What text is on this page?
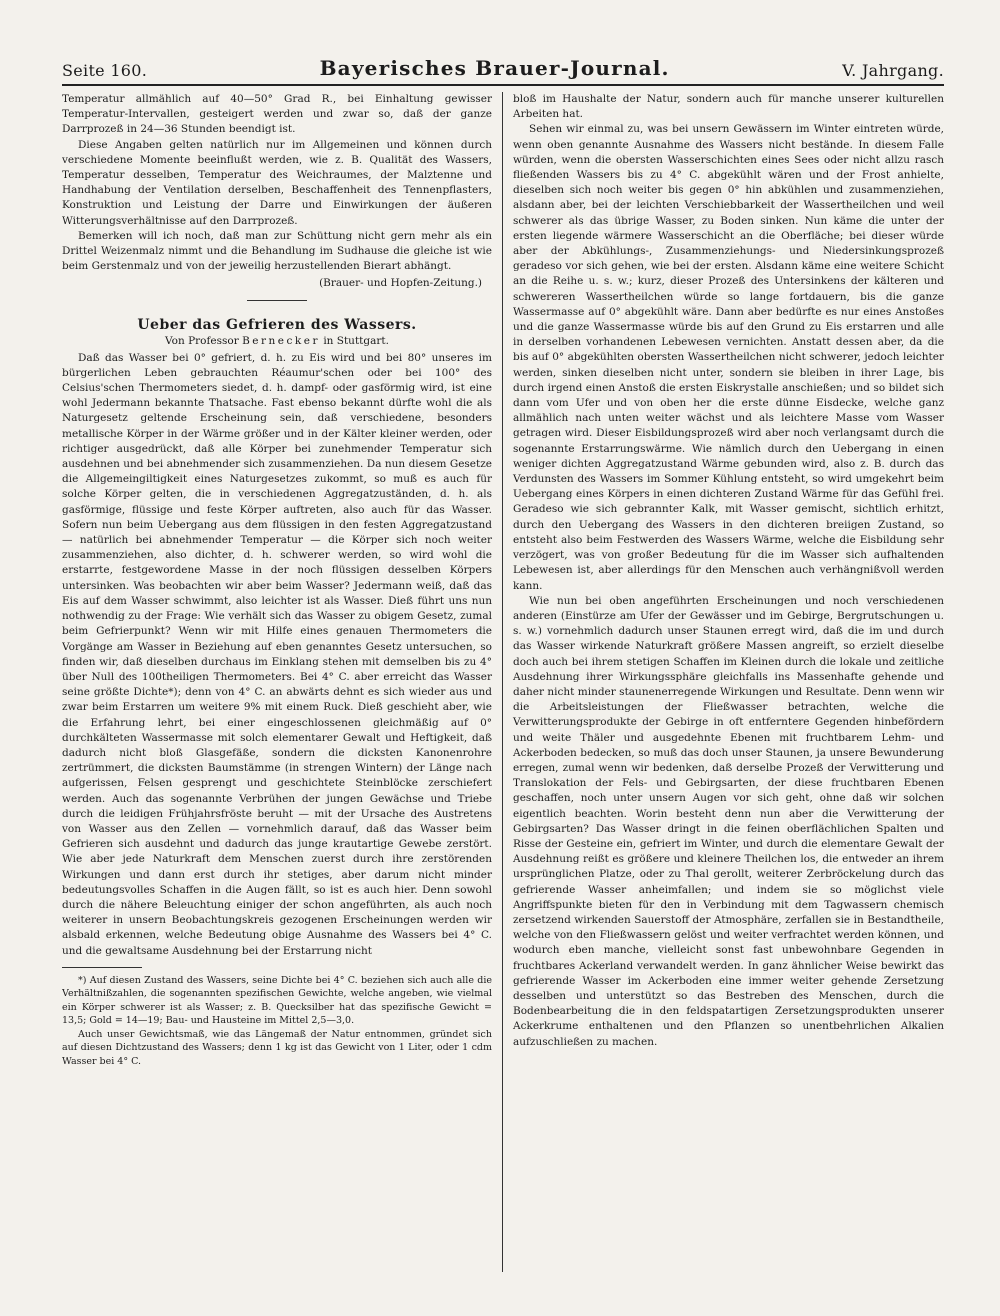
Seite 160.	Bayerisches Brauer-Journal.	V. Jahrgang.

Temperatur allmählich auf 40—50° Grad R., bei Einhaltung gewisser Temperatur-Intervallen, gesteigert werden und zwar so, daß der ganze Darrprozeß in 24—36 Stunden beendigt ist.

Diese Angaben gelten natürlich nur im Allgemeinen und können durch verschiedene Momente beeinflußt werden, wie z. B. Qualität des Wassers, Temperatur desselben, Temperatur des Weichraumes, der Malztenne und Handhabung der Ventilation derselben, Beschaffenheit des Tennenpflasters, Konstruktion und Leistung der Darre und Einwirkungen der äußeren Witterungsverhältnisse auf den Darrprozeß.

Bemerken will ich noch, daß man zur Schüttung nicht gern mehr als ein Drittel Weizenmalz nimmt und die Behandlung im Sudhause die gleiche ist wie beim Gerstenmalz und von der jeweilig herzustellenden Bierart abhängt.

(Brauer- und Hopfen-Zeitung.)
Ueber das Gefrieren des Wassers.
Von Professor Bernecker in Stuttgart.

Daß das Wasser bei 0° gefriert, d. h. zu Eis wird und bei 80° unseres im bürgerlichen Leben gebrauchten Réaumur'schen oder bei 100° des Celsius'schen Thermometers siedet, d. h. dampf- oder gasförmig wird, ist eine wohl Jedermann bekannte Thatsache. Fast ebenso bekannt dürfte wohl die als Naturgesetz geltende Erscheinung sein, daß verschiedene, besonders metallische Körper in der Wärme größer und in der Kälter kleiner werden, oder richtiger ausgedrückt, daß alle Körper bei zunehmender Temperatur sich ausdehnen und bei abnehmender sich zusammenziehen. Da nun diesem Gesetze die Allgemeingiltigkeit eines Naturgesetzes zukommt, so muß es auch für solche Körper gelten, die in verschiedenen Aggregatzuständen, d. h. als gasförmige, flüssige und feste Körper auftreten, also auch für das Wasser. Sofern nun beim Uebergang aus dem flüssigen in den festen Aggregatzustand — natürlich bei abnehmender Temperatur — die Körper sich noch weiter zusammenziehen, also dichter, d. h. schwerer werden, so wird wohl die erstarrte, festgewordene Masse in der noch flüssigen desselben Körpers untersinken. Was beobachten wir aber beim Wasser? Jedermann weiß, daß das Eis auf dem Wasser schwimmt, also leichter ist als Wasser. Dieß führt uns nun nothwendig zu der Frage: Wie verhält sich das Wasser zu obigem Gesetz, zumal beim Gefrierpunkt? Wenn wir mit Hilfe eines genauen Thermometers die Vorgänge am Wasser in Beziehung auf eben genanntes Gesetz untersuchen, so finden wir, daß dieselben durchaus im Einklang stehen mit demselben bis zu 4° über Null des 100theiligen Thermometers. Bei 4° C. aber erreicht das Wasser seine größte Dichte*); denn von 4° C. an abwärts dehnt es sich wieder aus und zwar beim Erstarren um weitere 9% mit einem Ruck. Dieß geschieht aber, wie die Erfahrung lehrt, bei einer eingeschlossenen gleichmäßig auf 0° durchkälteten Wassermasse mit solch elementarer Gewalt und Heftigkeit, daß dadurch nicht bloß Glasgefäße, sondern die dicksten Kanonenrohre zertrümmert, die dicksten Baumstämme (in strengen Wintern) der Länge nach aufgerissen, Felsen gesprengt und geschichtete Steinblöcke zerschiefert werden. Auch das sogenannte Verbrühen der jungen Gewächse und Triebe durch die leidigen Frühjahrsfröste beruht — mit der Ursache des Austretens von Wasser aus den Zellen — vornehmlich darauf, daß das Wasser beim Gefrieren sich ausdehnt und dadurch das junge krautartige Gewebe zerstört. Wie aber jede Naturkraft dem Menschen zuerst durch ihre zerstörenden Wirkungen und dann erst durch ihr stetiges, aber darum nicht minder bedeutungsvolles Schaffen in die Augen fällt, so ist es auch hier. Denn sowohl durch die nähere Beleuchtung einiger der schon angeführten, als auch noch weiterer in unsern Beobachtungskreis gezogenen Erscheinungen werden wir alsbald erkennen, welche Bedeutung obige Ausnahme des Wassers bei 4° C. und die gewaltsame Ausdehnung bei der Erstarrung nicht

*) Auf diesen Zustand des Wassers, seine Dichte bei 4° C. beziehen sich auch alle die Verhältnißzahlen, die sogenannten spezifischen Gewichte, welche angeben, wie vielmal ein Körper schwerer ist als Wasser; z. B. Quecksilber hat das spezifische Gewicht = 13,5; Gold = 14—19; Bau- und Hausteine im Mittel 2,5—3,0.

Auch unser Gewichtsmaß, wie das Längemaß der Natur entnommen, gründet sich auf diesen Dichtzustand des Wassers; denn 1 kg ist das Gewicht von 1 Liter, oder 1 cdm Wasser bei 4° C.

bloß im Haushalte der Natur, sondern auch für manche unserer kulturellen Arbeiten hat.

Sehen wir einmal zu, was bei unsern Gewässern im Winter eintreten würde, wenn oben genannte Ausnahme des Wassers nicht bestände. In diesem Falle würden, wenn die obersten Wasserschichten eines Sees oder nicht allzu rasch fließenden Wassers bis zu 4° C. abgekühlt wären und der Frost anhielte, dieselben sich noch weiter bis gegen 0° hin abkühlen und zusammenziehen, alsdann aber, bei der leichten Verschiebbarkeit der Wassertheilchen und weil schwerer als das übrige Wasser, zu Boden sinken. Nun käme die unter der ersten liegende wärmere Wasserschicht an die Oberfläche; bei dieser würde aber der Abkühlungs-, Zusammenziehungs- und Niedersinkungsprozeß geradeso vor sich gehen, wie bei der ersten. Alsdann käme eine weitere Schicht an die Reihe u. s. w.; kurz, dieser Prozeß des Untersinkens der kälteren und schwereren Wassertheilchen würde so lange fortdauern, bis die ganze Wassermasse auf 0° abgekühlt wäre. Dann aber bedürfte es nur eines Anstoßes und die ganze Wassermasse würde bis auf den Grund zu Eis erstarren und alle in derselben vorhandenen Lebewesen vernichten. Anstatt dessen aber, da die bis auf 0° abgekühlten obersten Wassertheilchen nicht schwerer, jedoch leichter werden, sinken dieselben nicht unter, sondern sie bleiben in ihrer Lage, bis durch irgend einen Anstoß die ersten Eiskrystalle anschießen; und so bildet sich dann vom Ufer und von oben her die erste dünne Eisdecke, welche ganz allmählich nach unten weiter wächst und als leichtere Masse vom Wasser getragen wird. Dieser Eisbildungsprozeß wird aber noch verlangsamt durch die sogenannte Erstarrungswärme. Wie nämlich durch den Uebergang in einen weniger dichten Aggregatzustand Wärme gebunden wird, also z. B. durch das Verdunsten des Wassers im Sommer Kühlung entsteht, so wird umgekehrt beim Uebergang eines Körpers in einen dichteren Zustand Wärme für das Gefühl frei. Geradeso wie sich gebrannter Kalk, mit Wasser gemischt, sichtlich erhitzt, durch den Uebergang des Wassers in den dichteren breiigen Zustand, so entsteht also beim Festwerden des Wassers Wärme, welche die Eisbildung sehr verzögert, was von großer Bedeutung für die im Wasser sich aufhaltenden Lebewesen ist, aber allerdings für den Menschen auch verhängnißvoll werden kann.

Wie nun bei oben angeführten Erscheinungen und noch verschiedenen anderen (Einstürze am Ufer der Gewässer und im Gebirge, Bergrutschungen u. s. w.) vornehmlich dadurch unser Staunen erregt wird, daß die im und durch das Wasser wirkende Naturkraft größere Massen angreift, so erzielt dieselbe doch auch bei ihrem stetigen Schaffen im Kleinen durch die lokale und zeitliche Ausdehnung ihrer Wirkungssphäre gleichfalls ins Massenhafte gehende und daher nicht minder staunenerregende Wirkungen und Resultate. Denn wenn wir die Arbeitsleistungen der Fließwasser betrachten, welche die Verwitterungsprodukte der Gebirge in oft entferntere Gegenden hinbefördern und weite Thäler und ausgedehnte Ebenen mit fruchtbarem Lehm- und Ackerboden bedecken, so muß das doch unser Staunen, ja unsere Bewunderung erregen, zumal wenn wir bedenken, daß derselbe Prozeß der Verwitterung und Translokation der Fels- und Gebirgsarten, der diese fruchtbaren Ebenen geschaffen, noch unter unsern Augen vor sich geht, ohne daß wir solchen eigentlich beachten. Worin besteht denn nun aber die Verwitterung der Gebirgsarten? Das Wasser dringt in die feinen oberflächlichen Spalten und Risse der Gesteine ein, gefriert im Winter, und durch die elementare Gewalt der Ausdehnung reißt es größere und kleinere Theilchen los, die entweder an ihrem ursprünglichen Platze, oder zu Thal gerollt, weiterer Zerbröckelung durch das gefrierende Wasser anheimfallen; und indem sie so möglichst viele Angriffspunkte bieten für den in Verbindung mit dem Tagwassern chemisch zersetzend wirkenden Sauerstoff der Atmosphäre, zerfallen sie in Bestandtheile, welche von den Fließwassern gelöst und weiter verfrachtet werden können, und wodurch eben manche, vielleicht sonst fast unbewohnbare Gegenden in fruchtbares Ackerland verwandelt werden. In ganz ähnlicher Weise bewirkt das gefrierende Wasser im Ackerboden eine immer weiter gehende Zersetzung desselben und unterstützt so das Bestreben des Menschen, durch die Bodenbearbeitung die in den feldspatartigen Zersetzungsprodukten unserer Ackerkrume enthaltenen und den Pflanzen so unentbehrlichen Alkalien aufzuschließen zu machen.
